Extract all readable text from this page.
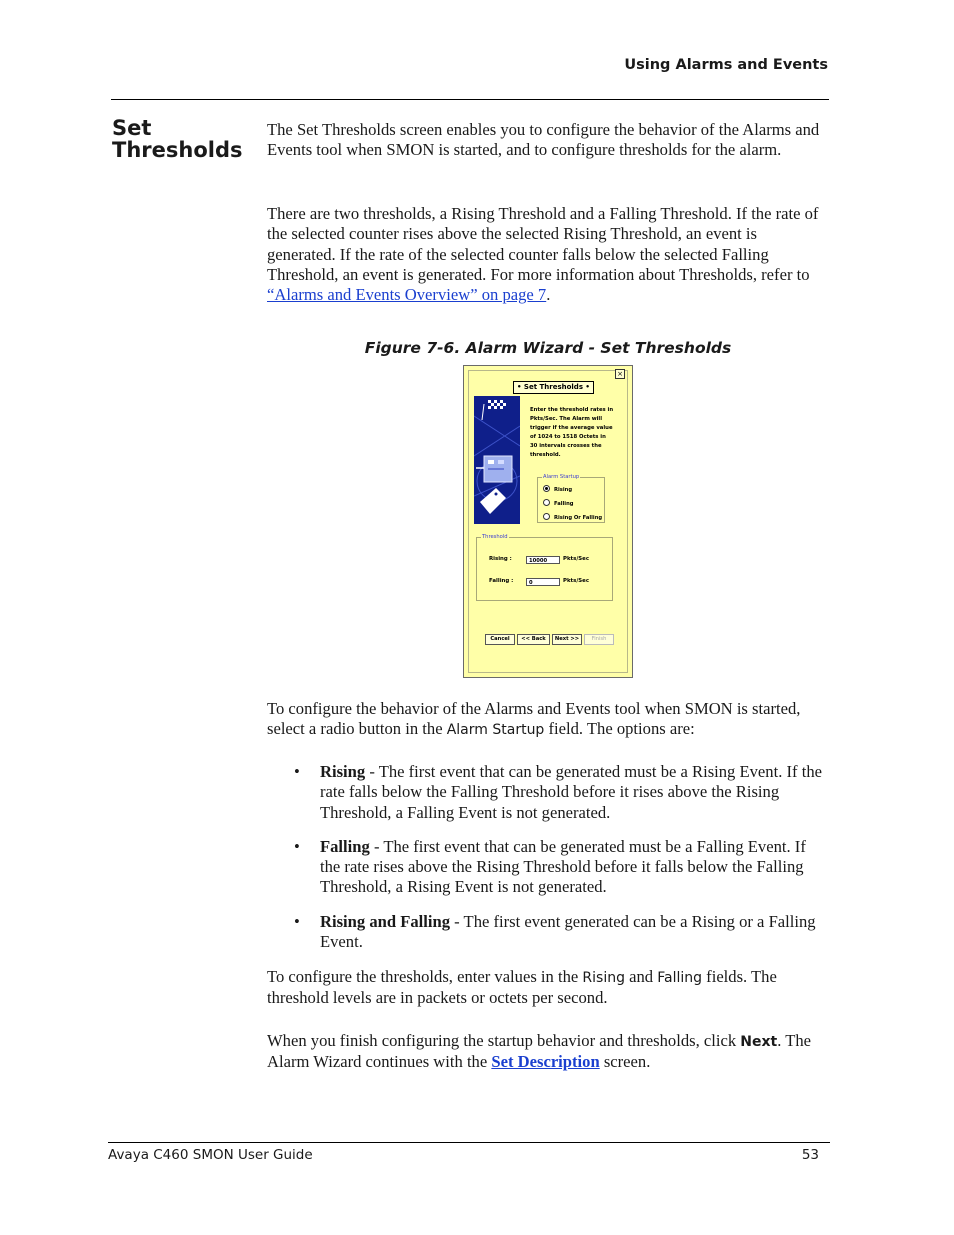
Using Alarms and Events
Set
Thresholds

The Set Thresholds screen enables you to configure the behavior of the Alarms and Events tool when SMON is started, and to configure thresholds for the alarm.

There are two thresholds, a Rising Threshold and a Falling Threshold. If the rate of the selected counter rises above the selected Rising Threshold, an event is generated. If the rate of the selected counter falls below the selected Falling Threshold, an event is generated. For more information about Thresholds, refer to “Alarms and Events Overview” on page 7.

Figure 7-6. Alarm Wizard - Set Thresholds
×
• Set Thresholds •
Enter the threshold rates in Pkts/Sec. The Alarm will trigger if the average value of 1024 to 1518 Octets in 30 intervals crosses the threshold.
Alarm Startup
Rising
Falling
Rising Or Falling
Threshold
Rising :	10000	Pkts/Sec
Falling :	0	Pkts/Sec
Cancel	<< Back	Next >>	Finish

To configure the behavior of the Alarms and Events tool when SMON is started, select a radio button in the Alarm Startup field. The options are:

• Rising - The first event that can be generated must be a Rising Event. If the rate falls below the Falling Threshold before it rises above the Rising Threshold, a Falling Event is not generated.
• Falling - The first event that can be generated must be a Falling Event. If the rate rises above the Rising Threshold before it falls below the Falling Threshold, a Rising Event is not generated.
• Rising and Falling - The first event generated can be a Rising or a Falling Event.

To configure the thresholds, enter values in the Rising and Falling fields. The threshold levels are in packets or octets per second.

When you finish configuring the startup behavior and thresholds, click Next. The Alarm Wizard continues with the Set Description screen.

Avaya C460 SMON User Guide	53
